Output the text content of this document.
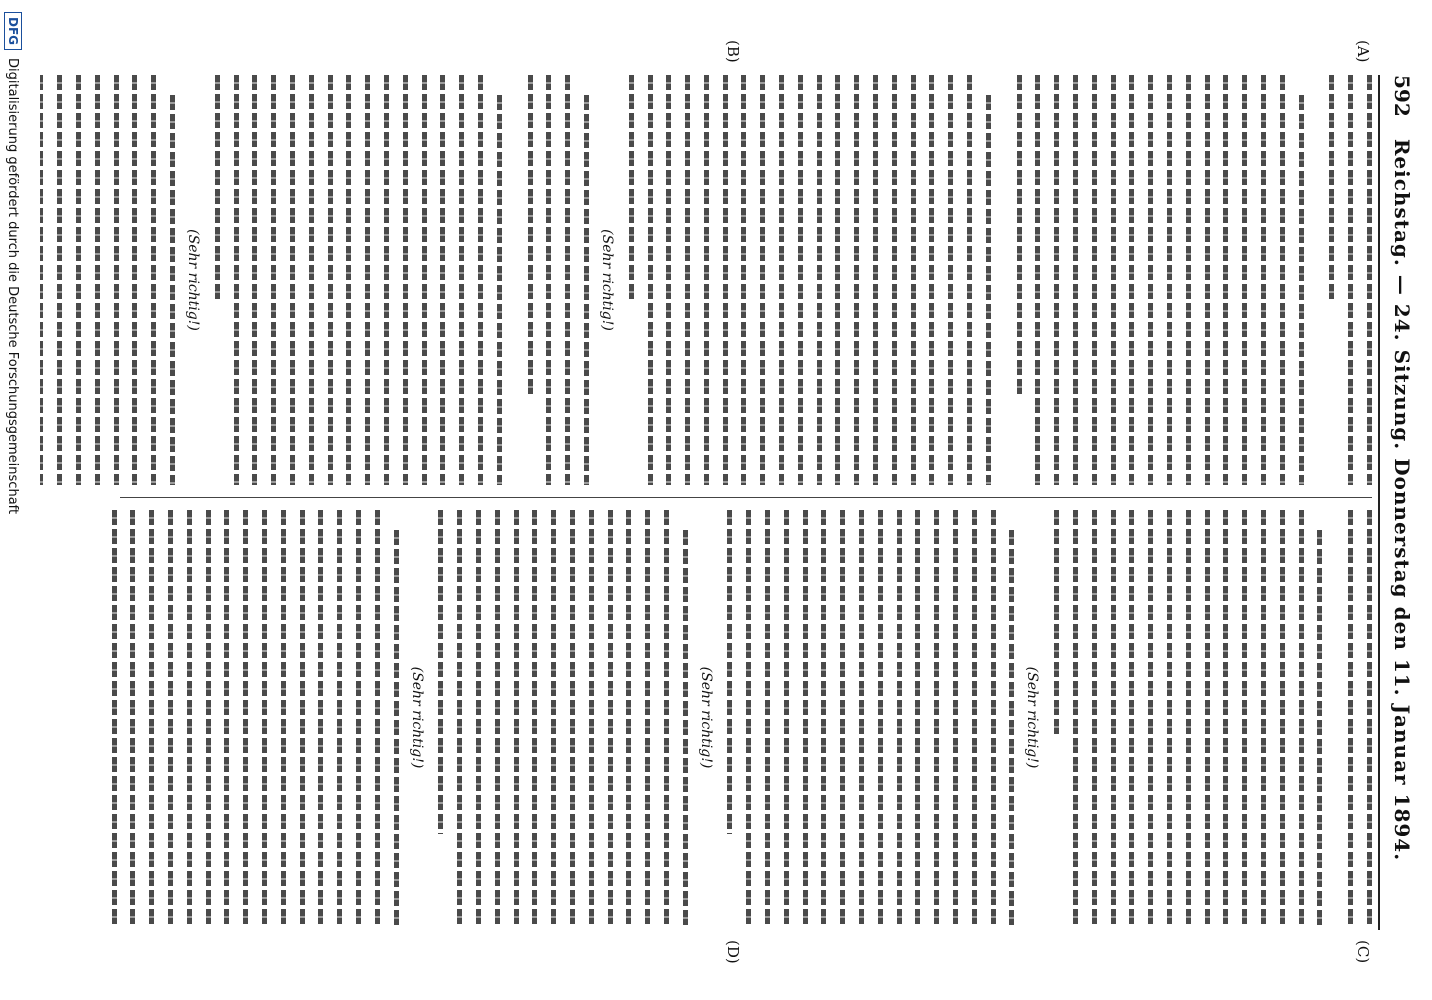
592
Reichstag. — 24. Sitzung. Donnerstag den 11. Januar 1894.
(A)
(B)
(C)
(D)
(Sehr richtig!)
(Sehr richtig!)
(Sehr richtig!)
(Sehr richtig!)
(Sehr richtig!)
DFG
Digitalisierung gefördert durch die Deutsche Forschungsgemeinschaft
